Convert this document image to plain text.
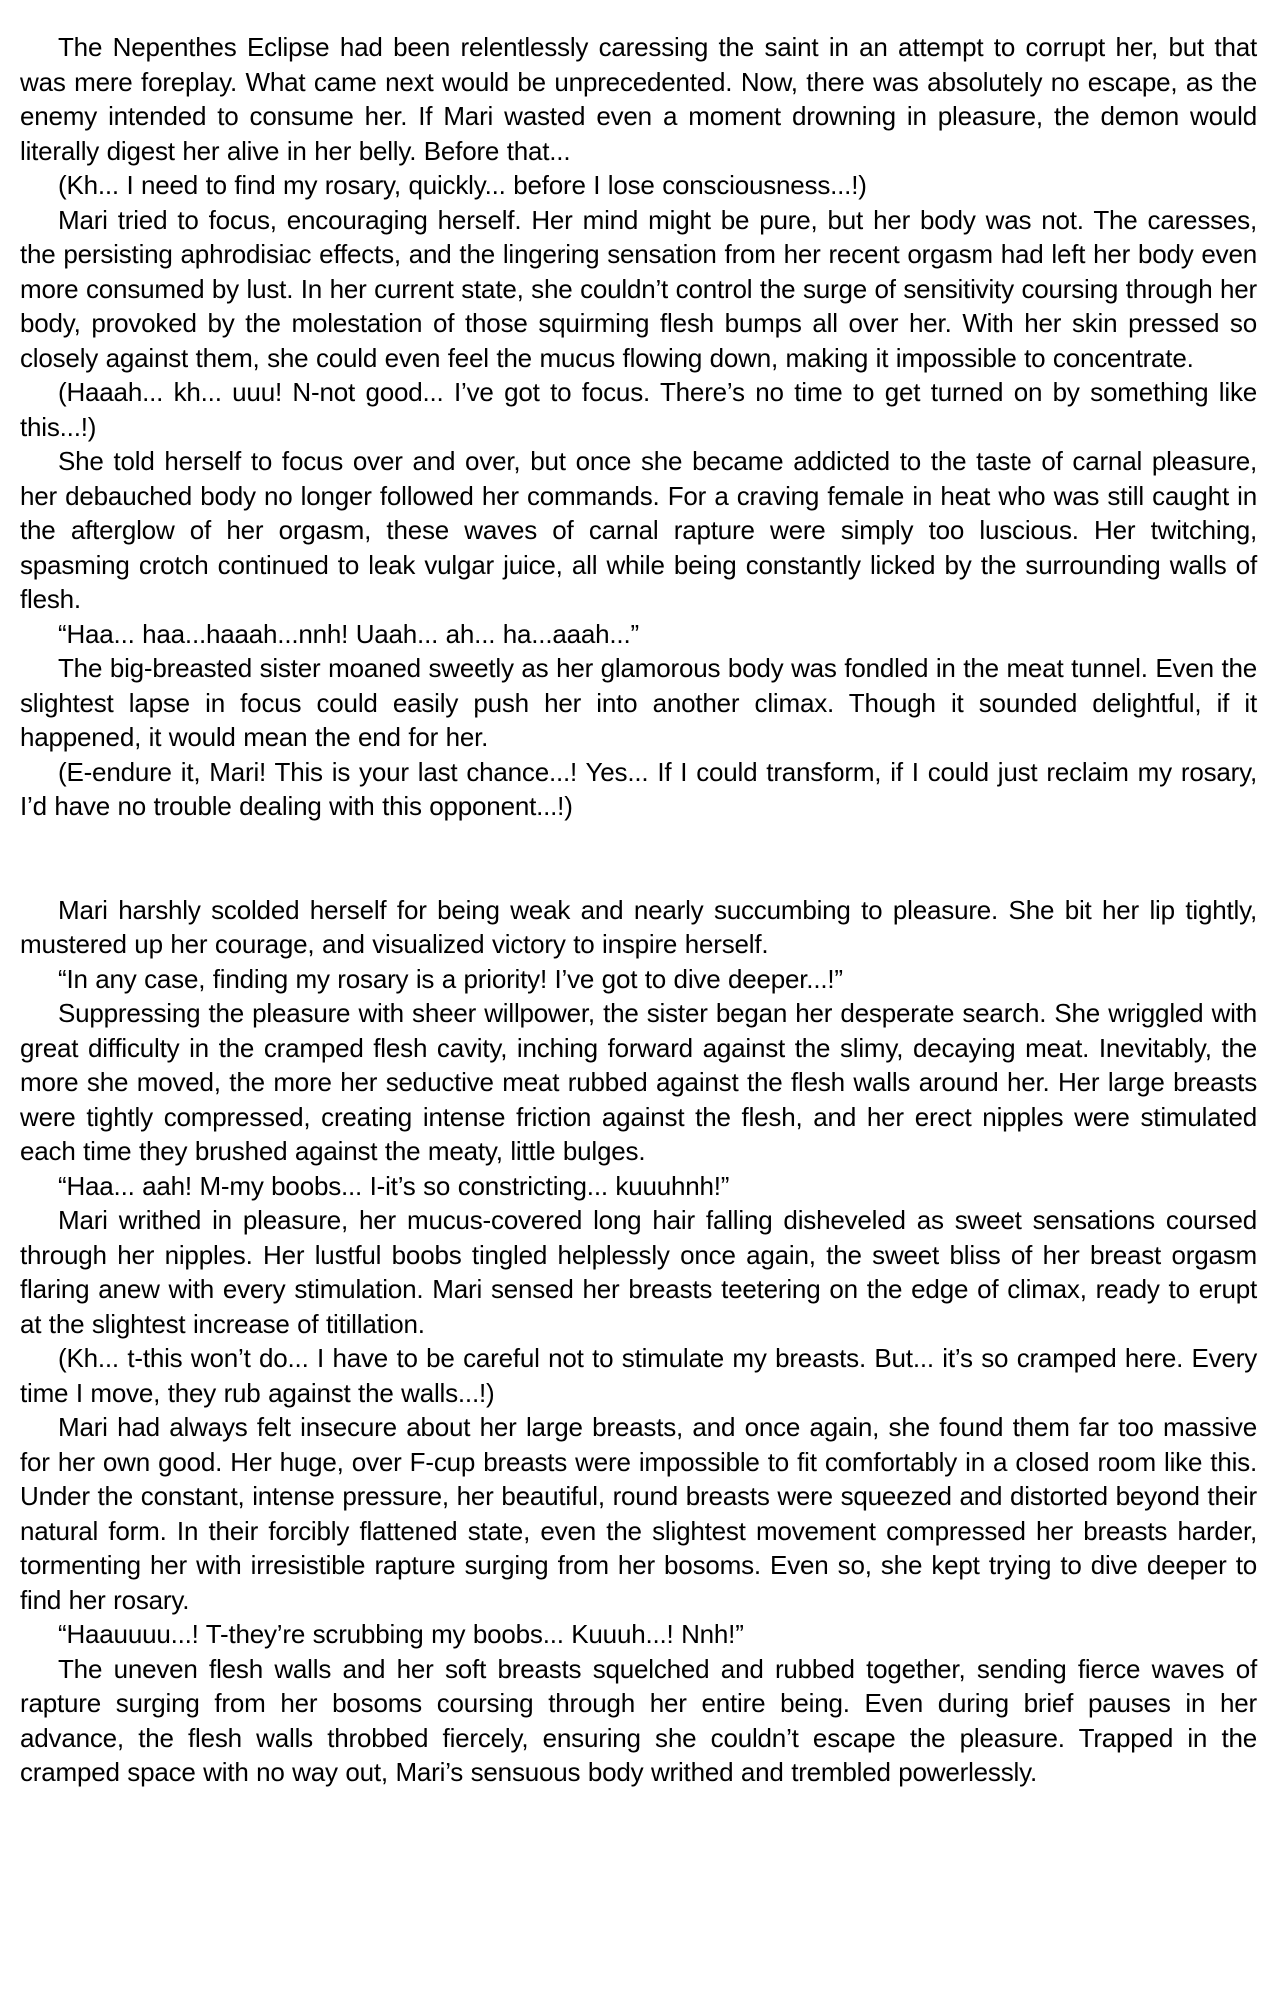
The Nepenthes Eclipse had been relentlessly caressing the saint in an attempt to corrupt her, but that was mere foreplay. What came next would be unprecedented. Now, there was absolutely no escape, as the enemy intended to consume her. If Mari wasted even a moment drowning in pleasure, the demon would literally digest her alive in her belly. Before that...

(Kh... I need to find my rosary, quickly... before I lose consciousness...!)

Mari tried to focus, encouraging herself. Her mind might be pure, but her body was not. The caresses, the persisting aphrodisiac effects, and the lingering sensation from her recent orgasm had left her body even more consumed by lust. In her current state, she couldn’t control the surge of sensitivity coursing through her body, provoked by the molestation of those squirming flesh bumps all over her. With her skin pressed so closely against them, she could even feel the mucus flowing down, making it impossible to concentrate.

(Haaah... kh... uuu! N-not good... I’ve got to focus. There’s no time to get turned on by something like this...!)

She told herself to focus over and over, but once she became addicted to the taste of carnal pleasure, her debauched body no longer followed her commands. For a craving female in heat who was still caught in the afterglow of her orgasm, these waves of carnal rapture were simply too luscious. Her twitching, spasming crotch continued to leak vulgar juice, all while being constantly licked by the surrounding walls of flesh.

“Haa... haa...haaah...nnh! Uaah... ah... ha...aaah...”

The big-breasted sister moaned sweetly as her glamorous body was fondled in the meat tunnel. Even the slightest lapse in focus could easily push her into another climax. Though it sounded delightful, if it happened, it would mean the end for her.

(E-endure it, Mari! This is your last chance...! Yes... If I could transform, if I could just reclaim my rosary, I’d have no trouble dealing with this opponent...!)

Mari harshly scolded herself for being weak and nearly succumbing to pleasure. She bit her lip tightly, mustered up her courage, and visualized victory to inspire herself.

“In any case, finding my rosary is a priority! I’ve got to dive deeper...!”

Suppressing the pleasure with sheer willpower, the sister began her desperate search. She wriggled with great difficulty in the cramped flesh cavity, inching forward against the slimy, decaying meat. Inevitably, the more she moved, the more her seductive meat rubbed against the flesh walls around her. Her large breasts were tightly compressed, creating intense friction against the flesh, and her erect nipples were stimulated each time they brushed against the meaty, little bulges.

“Haa... aah! M-my boobs... I-it’s so constricting... kuuuhnh!”

Mari writhed in pleasure, her mucus-covered long hair falling disheveled as sweet sensations coursed through her nipples. Her lustful boobs tingled helplessly once again, the sweet bliss of her breast orgasm flaring anew with every stimulation. Mari sensed her breasts teetering on the edge of climax, ready to erupt at the slightest increase of titillation.

(Kh... t-this won’t do... I have to be careful not to stimulate my breasts. But... it’s so cramped here. Every time I move, they rub against the walls...!)

Mari had always felt insecure about her large breasts, and once again, she found them far too massive for her own good. Her huge, over F-cup breasts were impossible to fit comfortably in a closed room like this. Under the constant, intense pressure, her beautiful, round breasts were squeezed and distorted beyond their natural form. In their forcibly flattened state, even the slightest movement compressed her breasts harder, tormenting her with irresistible rapture surging from her bosoms. Even so, she kept trying to dive deeper to find her rosary.

“Haauuuu...! T-they’re scrubbing my boobs... Kuuuh...! Nnh!”

The uneven flesh walls and her soft breasts squelched and rubbed together, sending fierce waves of rapture surging from her bosoms coursing through her entire being. Even during brief pauses in her advance, the flesh walls throbbed fiercely, ensuring she couldn’t escape the pleasure. Trapped in the cramped space with no way out, Mari’s sensuous body writhed and trembled powerlessly.
